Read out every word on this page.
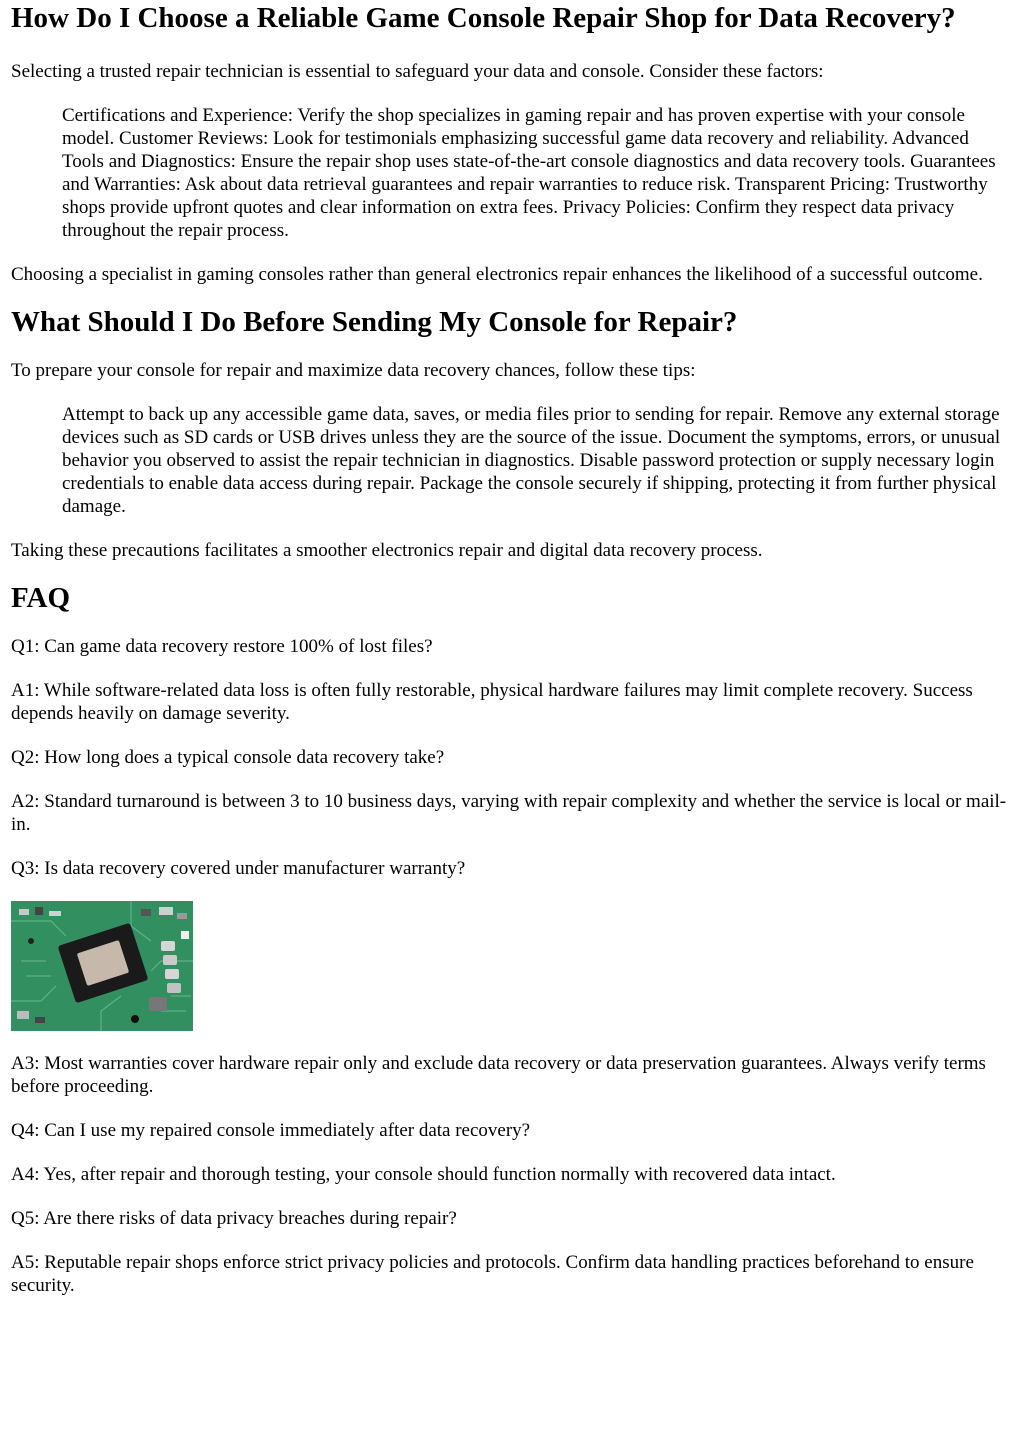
How Do I Choose a Reliable Game Console Repair Shop for Data Recovery?

Selecting a trusted repair technician is essential to safeguard your data and console. Consider these factors:

Certifications and Experience: Verify the shop specializes in gaming repair and has proven expertise with your console model. Customer Reviews: Look for testimonials emphasizing successful game data recovery and reliability. Advanced Tools and Diagnostics: Ensure the repair shop uses state-of-the-art console diagnostics and data recovery tools. Guarantees and Warranties: Ask about data retrieval guarantees and repair warranties to reduce risk. Transparent Pricing: Trustworthy shops provide upfront quotes and clear information on extra fees. Privacy Policies: Confirm they respect data privacy throughout the repair process.

Choosing a specialist in gaming consoles rather than general electronics repair enhances the likelihood of a successful outcome.

What Should I Do Before Sending My Console for Repair?

To prepare your console for repair and maximize data recovery chances, follow these tips:

Attempt to back up any accessible game data, saves, or media files prior to sending for repair. Remove any external storage devices such as SD cards or USB drives unless they are the source of the issue. Document the symptoms, errors, or unusual behavior you observed to assist the repair technician in diagnostics. Disable password protection or supply necessary login credentials to enable data access during repair. Package the console securely if shipping, protecting it from further physical damage.

Taking these precautions facilitates a smoother electronics repair and digital data recovery process.

FAQ

Q1: Can game data recovery restore 100% of lost files?

A1: While software-related data loss is often fully restorable, physical hardware failures may limit complete recovery. Success depends heavily on damage severity.

Q2: How long does a typical console data recovery take?

A2: Standard turnaround is between 3 to 10 business days, varying with repair complexity and whether the service is local or mail-in.

Q3: Is data recovery covered under manufacturer warranty?

A3: Most warranties cover hardware repair only and exclude data recovery or data preservation guarantees. Always verify terms before proceeding.

Q4: Can I use my repaired console immediately after data recovery?

A4: Yes, after repair and thorough testing, your console should function normally with recovered data intact.

Q5: Are there risks of data privacy breaches during repair?

A5: Reputable repair shops enforce strict privacy policies and protocols. Confirm data handling practices beforehand to ensure security.
